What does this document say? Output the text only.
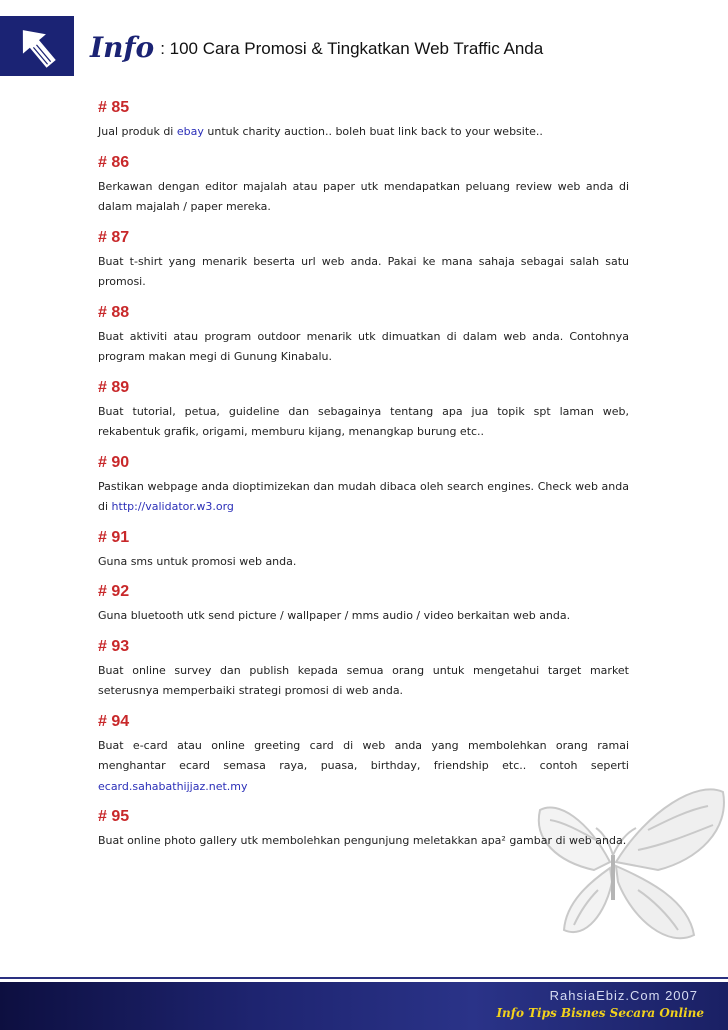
Info : 100 Cara Promosi & Tingkatkan Web Traffic Anda
# 85

Jual produk di ebay untuk charity auction.. boleh buat link back to your website..

# 86

Berkawan dengan editor majalah atau paper utk mendapatkan peluang review web anda di dalam majalah / paper mereka.

# 87

Buat t-shirt yang menarik beserta url web anda. Pakai ke mana sahaja sebagai salah satu promosi.

# 88

Buat aktiviti atau program outdoor menarik utk dimuatkan di dalam web anda. Contohnya program makan megi di Gunung Kinabalu.

# 89

Buat tutorial, petua, guideline dan sebagainya tentang apa jua topik spt laman web, rekabentuk grafik, origami, memburu kijang, menangkap burung etc..

# 90

Pastikan webpage anda dioptimizekan dan mudah dibaca oleh search engines. Check web anda di http://validator.w3.org

# 91

Guna sms untuk promosi web anda.

# 92

Guna bluetooth utk send picture / wallpaper / mms audio / video berkaitan web anda.

# 93

Buat online survey dan publish kepada semua orang untuk mengetahui target market seterusnya memperbaiki strategi promosi di web anda.

# 94

Buat e-card atau online greeting card di web anda yang membolehkan orang ramai menghantar ecard semasa raya, puasa, birthday, friendship etc.. contoh seperti ecard.sahabathijjaz.net.my

# 95

Buat online photo gallery utk membolehkan pengunjung meletakkan apa² gambar di web anda.

RahsiaEbiz.Com 2007
Info Tips Bisnes Secara Online
